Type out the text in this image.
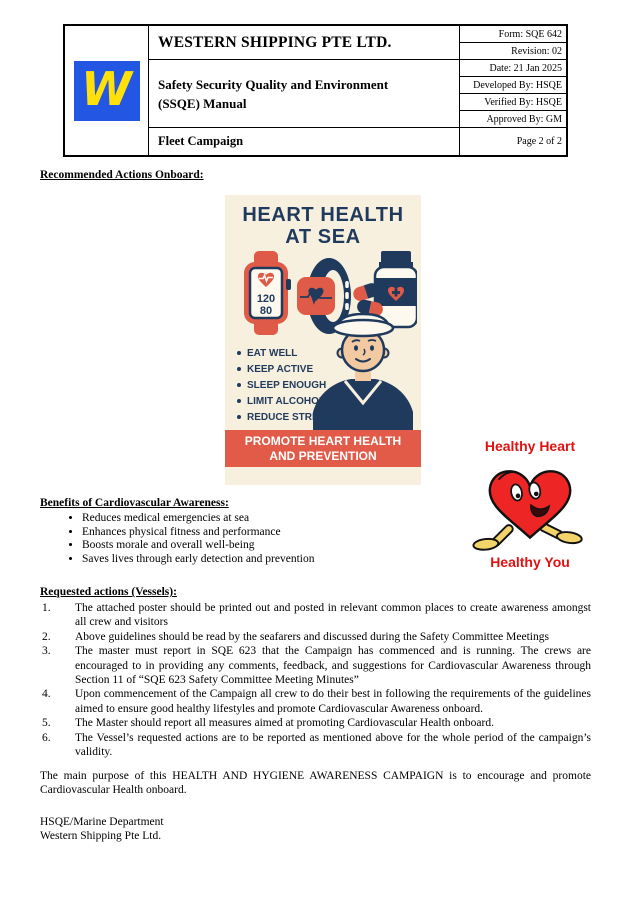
W
WESTERN SHIPPING PTE LTD.
Safety Security Quality and Environment
(SSQE) Manual
Fleet Campaign
Form: SQE 642
Revision: 02
Date: 21 Jan 2025
Developed By: HSQE
Verified By: HSQE
Approved By: GM
Page 2 of 2
Recommended Actions Onboard:
HEART HEALTH
AT SEA
120
80
EAT WELL
KEEP ACTIVE
SLEEP ENOUGH
LIMIT ALCOHOL
REDUCE STRESS
PROMOTE HEART HEALTH
AND PREVENTION
Healthy Heart
Healthy You
Benefits of Cardiovascular Awareness:
• Reduces medical emergencies at sea
• Enhances physical fitness and performance
• Boosts morale and overall well-being
• Saves lives through early detection and prevention
Requested actions (Vessels):
The attached poster should be printed out and posted in relevant common places to create awareness amongst all crew and visitors
Above guidelines should be read by the seafarers and discussed during the Safety Committee Meetings
The master must report in SQE 623 that the Campaign has commenced and is running. The crews are encouraged to in providing any comments, feedback, and suggestions for Cardiovascular Awareness through Section 11 of “SQE 623 Safety Committee Meeting Minutes”
Upon commencement of the Campaign all crew to do their best in following the requirements of the guidelines aimed to ensure good healthy lifestyles and promote Cardiovascular Awareness onboard.
The Master should report all measures aimed at promoting Cardiovascular Health onboard.
The Vessel’s requested actions are to be reported as mentioned above for the whole period of the campaign’s validity.
The main purpose of this HEALTH AND HYGIENE AWARENESS CAMPAIGN is to encourage and promote Cardiovascular Health onboard.
HSQE/Marine Department
Western Shipping Pte Ltd.
